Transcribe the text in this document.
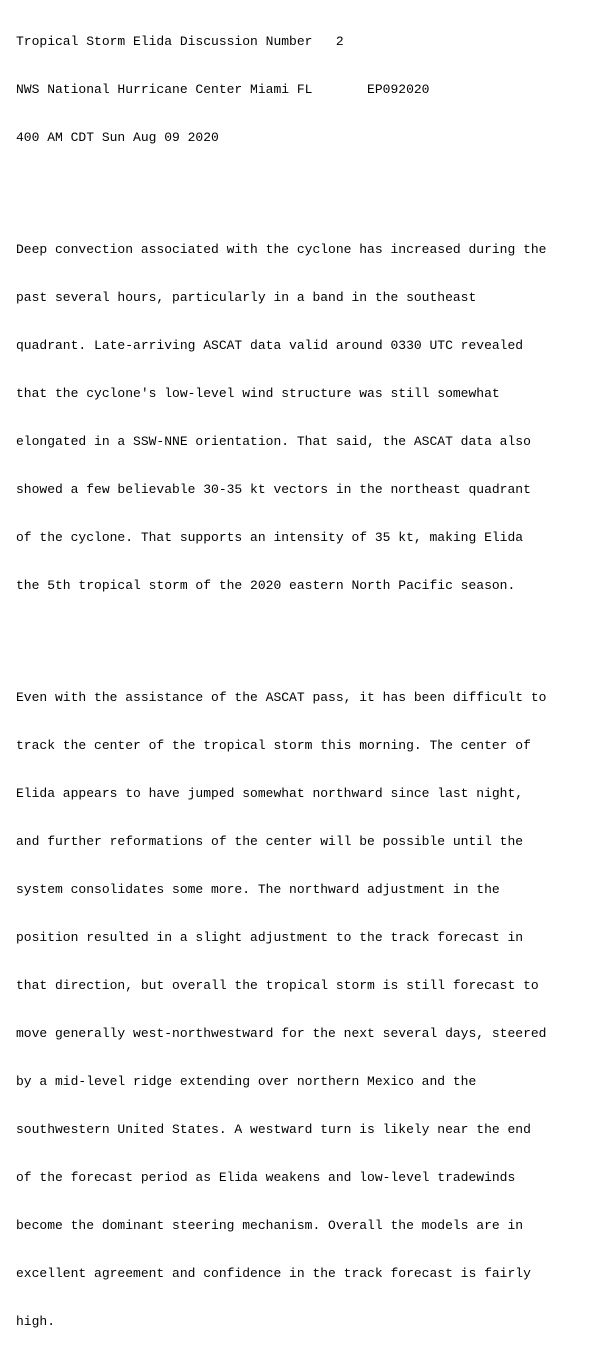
Tropical Storm Elida Discussion Number   2

NWS National Hurricane Center Miami FL       EP092020

400 AM CDT Sun Aug 09 2020

Deep convection associated with the cyclone has increased during the

past several hours, particularly in a band in the southeast

quadrant. Late-arriving ASCAT data valid around 0330 UTC revealed

that the cyclone's low-level wind structure was still somewhat

elongated in a SSW-NNE orientation. That said, the ASCAT data also

showed a few believable 30-35 kt vectors in the northeast quadrant

of the cyclone. That supports an intensity of 35 kt, making Elida

the 5th tropical storm of the 2020 eastern North Pacific season.

Even with the assistance of the ASCAT pass, it has been difficult to

track the center of the tropical storm this morning. The center of

Elida appears to have jumped somewhat northward since last night,

and further reformations of the center will be possible until the

system consolidates some more. The northward adjustment in the

position resulted in a slight adjustment to the track forecast in

that direction, but overall the tropical storm is still forecast to

move generally west-northwestward for the next several days, steered

by a mid-level ridge extending over northern Mexico and the

southwestern United States. A westward turn is likely near the end

of the forecast period as Elida weakens and low-level tradewinds

become the dominant steering mechanism. Overall the models are in

excellent agreement and confidence in the track forecast is fairly

high.
